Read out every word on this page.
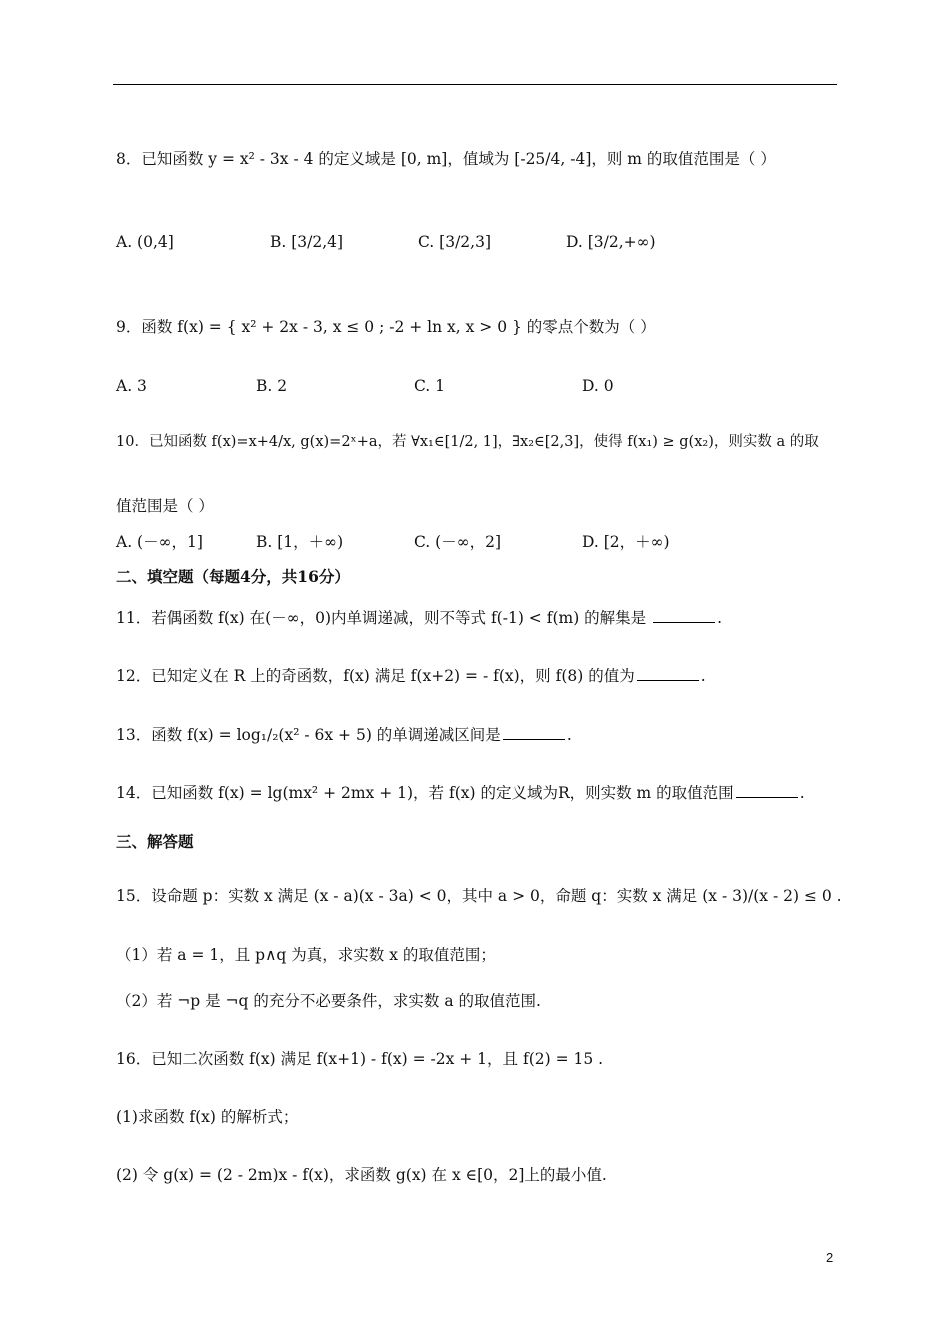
8．已知函数 y = x² - 3x - 4 的定义域是 [0, m]，值域为 [-25/4, -4]，则 m 的取值范围是（ ）
A. (0,4]	B. [3/2,4]	C. [3/2,3]	D. [3/2,+∞)
9．函数 f(x) = { x² + 2x - 3, x ≤ 0 ; -2 + ln x, x > 0 } 的零点个数为（ ）
A. 3	B. 2	C. 1	D. 0
10．已知函数 f(x)=x+4/x, g(x)=2ˣ+a，若 ∀x₁∈[1/2, 1]，∃x₂∈[2,3]，使得 f(x₁) ≥ g(x₂)，则实数 a 的取
值范围是（ ）
A. (－∞，1]	B. [1，＋∞)	C. (－∞，2]	D. [2，＋∞)
二、填空题（每题4分，共16分）
11．若偶函数 f(x) 在(－∞，0)内单调递减，则不等式 f(-1) < f(m) 的解集是	.
12．已知定义在 R 上的奇函数，f(x) 满足 f(x+2) = - f(x)，则 f(8) 的值为	.
13．函数 f(x) = log₁/₂(x² - 6x + 5) 的单调递减区间是	.
14．已知函数 f(x) = lg(mx² + 2mx + 1)，若 f(x) 的定义域为R，则实数 m 的取值范围	.
三、解答题
15．设命题 p：实数 x 满足 (x - a)(x - 3a) < 0，其中 a > 0，命题 q：实数 x 满足 (x - 3)/(x - 2) ≤ 0 .
（1）若 a = 1，且 p∧q 为真，求实数 x 的取值范围；
（2）若 ¬p 是 ¬q 的充分不必要条件，求实数 a 的取值范围.
16．已知二次函数 f(x) 满足 f(x+1) - f(x) = -2x + 1，且 f(2) = 15 .
(1)求函数 f(x) 的解析式；
(2) 令 g(x) = (2 - 2m)x - f(x)，求函数 g(x) 在 x ∈[0，2]上的最小值.
2
